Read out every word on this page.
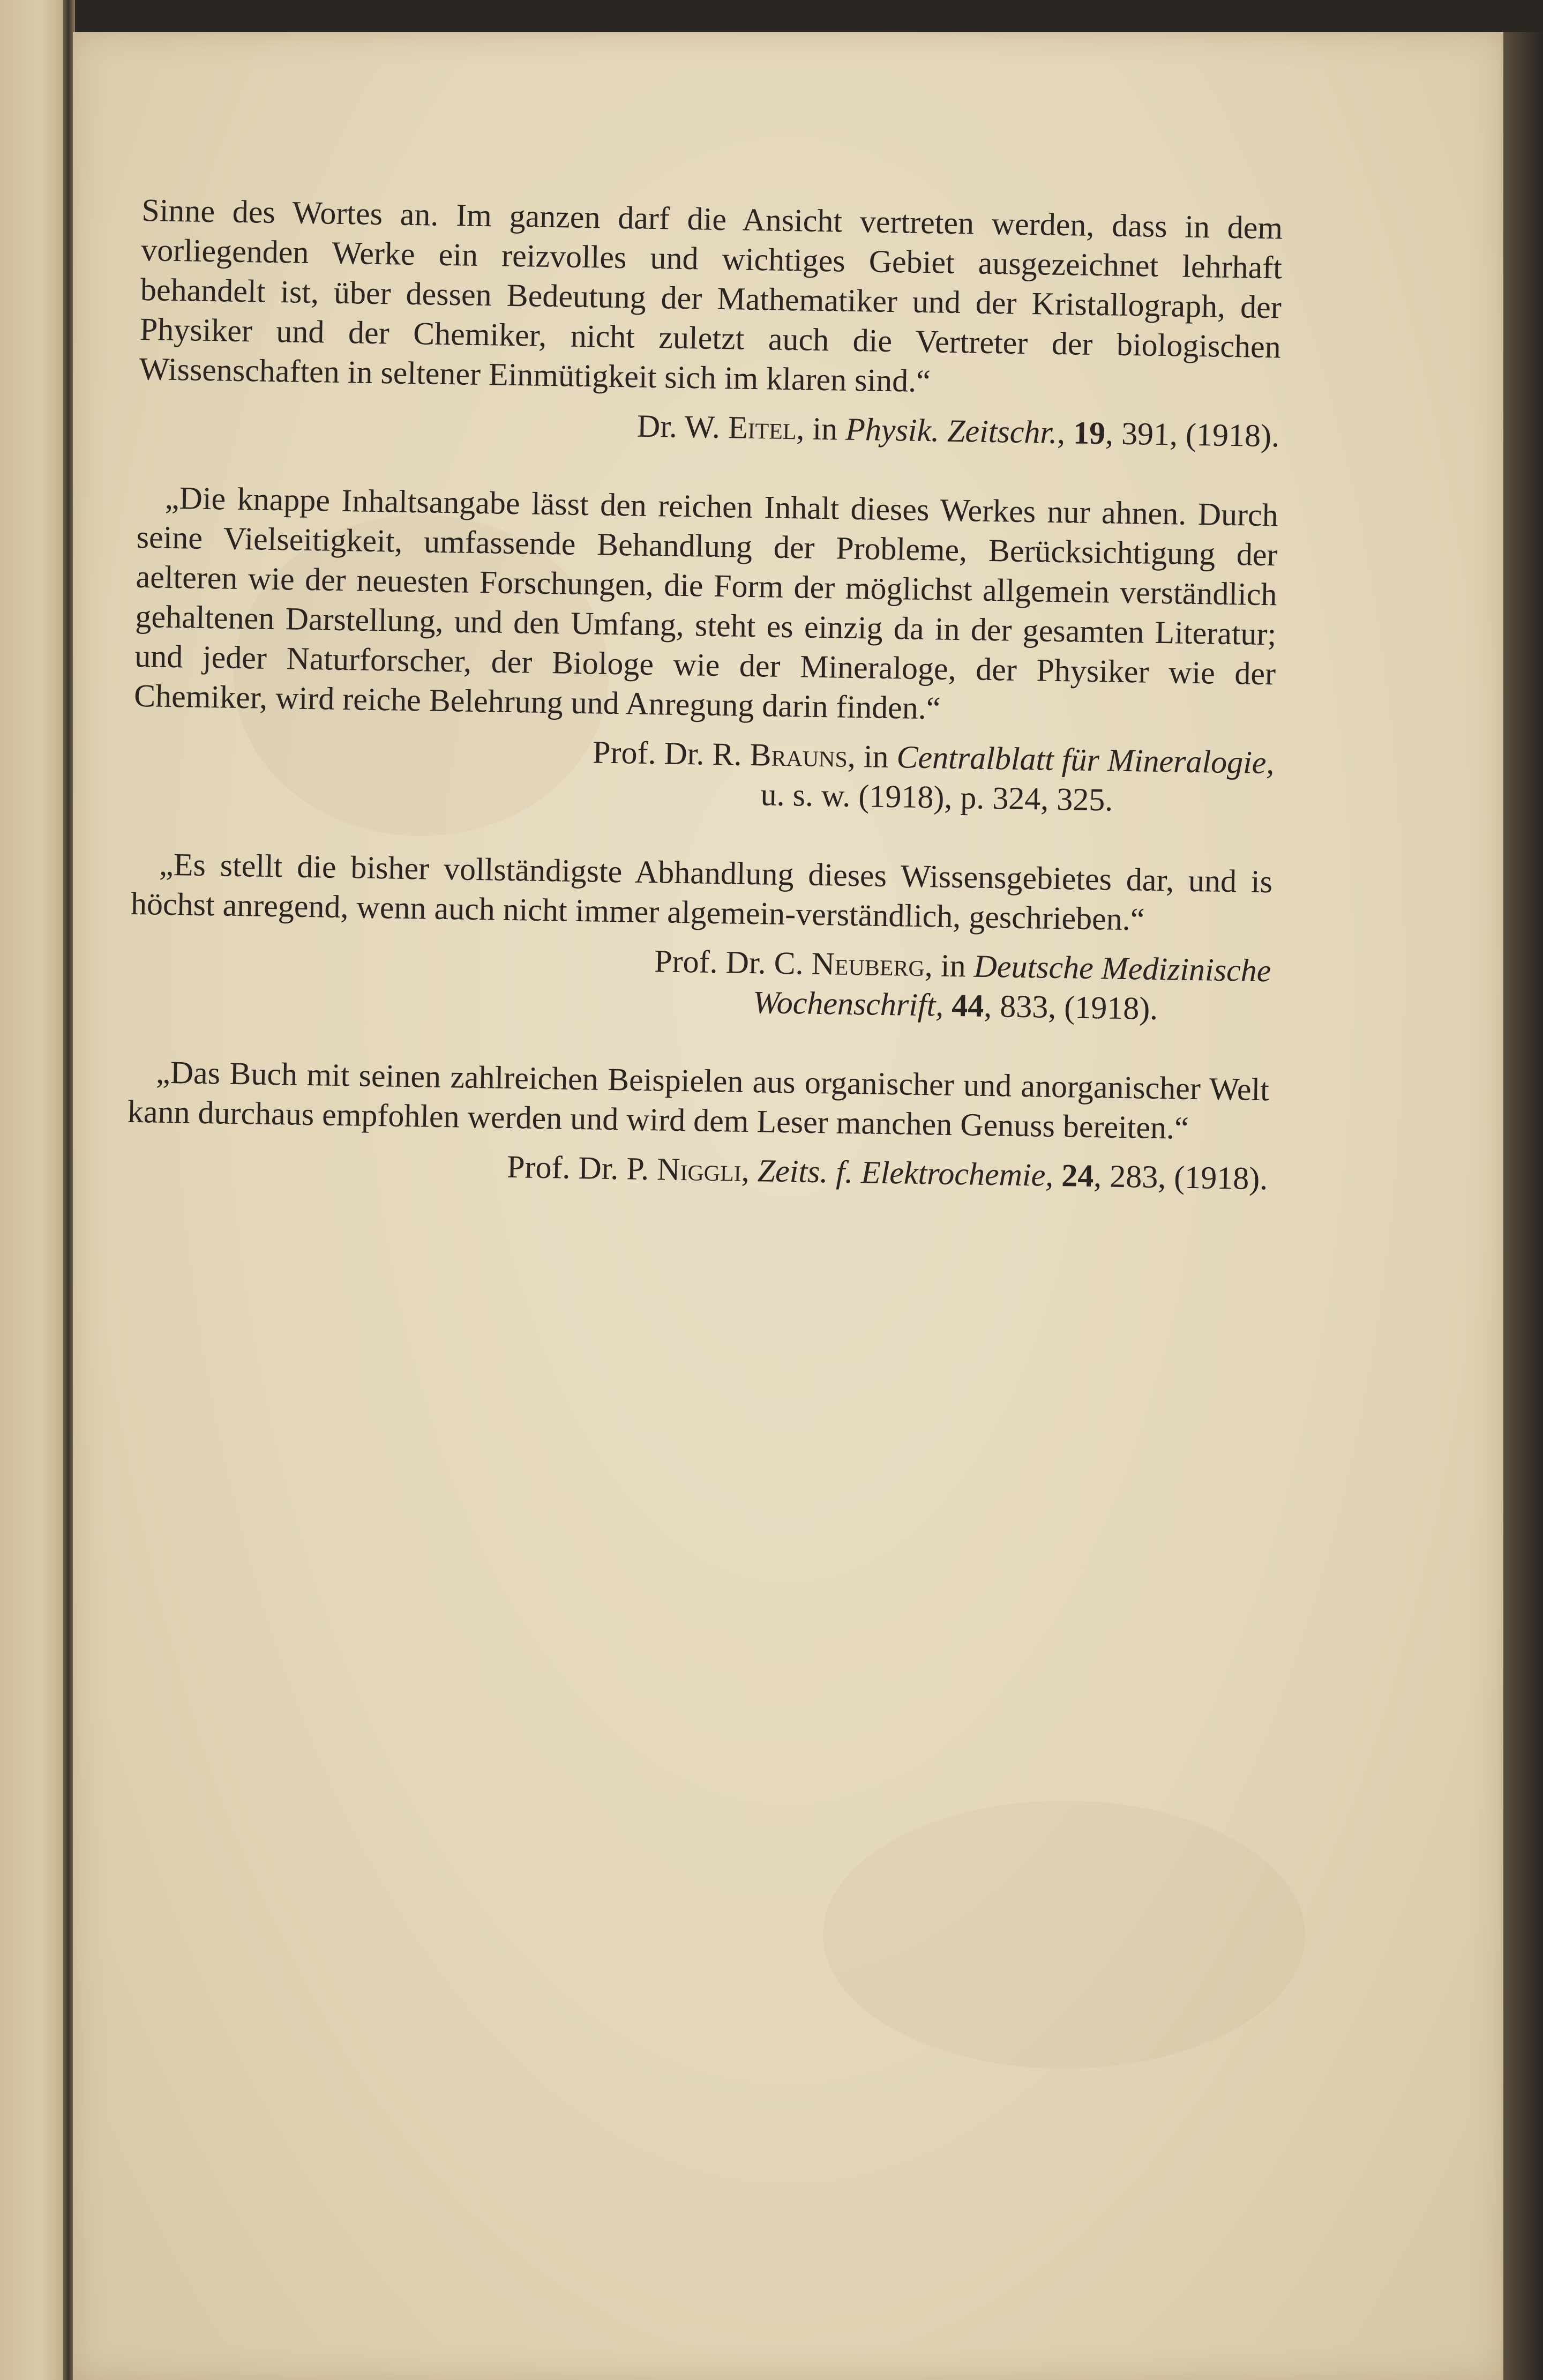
Sinne des Wortes an. Im ganzen darf die Ansicht vertreten werden, dass in dem vorliegenden Werke ein reizvolles und wichtiges Gebiet ausgezeichnet lehrhaft behandelt ist, über dessen Bedeutung der Mathematiker und der Kristallograph, der Physiker und der Chemiker, nicht zuletzt auch die Vertreter der biologischen Wissenschaften in seltener Einmütigkeit sich im klaren sind.“

Dr. W. Eitel, in Physik. Zeitschr., 19, 391, (1918).

„Die knappe Inhaltsangabe lässt den reichen Inhalt dieses Werkes nur ahnen. Durch seine Vielseitigkeit, umfassende Behandlung der Probleme, Berücksichtigung der aelteren wie der neuesten Forschungen, die Form der möglichst allgemein verständlich gehaltenen Darstellung, und den Umfang, steht es einzig da in der gesamten Literatur; und jeder Naturforscher, der Biologe wie der Mineraloge, der Physiker wie der Chemiker, wird reiche Belehrung und Anregung darin finden.“

Prof. Dr. R. Brauns, in Centralblatt für Mineralogie,
u. s. w. (1918), p. 324, 325.

„Es stellt die bisher vollständigste Abhandlung dieses Wissensgebietes dar, und is höchst anregend, wenn auch nicht immer algemein-verständlich, geschrieben.“

Prof. Dr. C. Neuberg, in Deutsche Medizinische
Wochenschrift, 44, 833, (1918).

„Das Buch mit seinen zahlreichen Beispielen aus organischer und anorganischer Welt kann durchaus empfohlen werden und wird dem Leser manchen Genuss bereiten.“

Prof. Dr. P. Niggli, Zeits. f. Elektrochemie, 24, 283, (1918).
